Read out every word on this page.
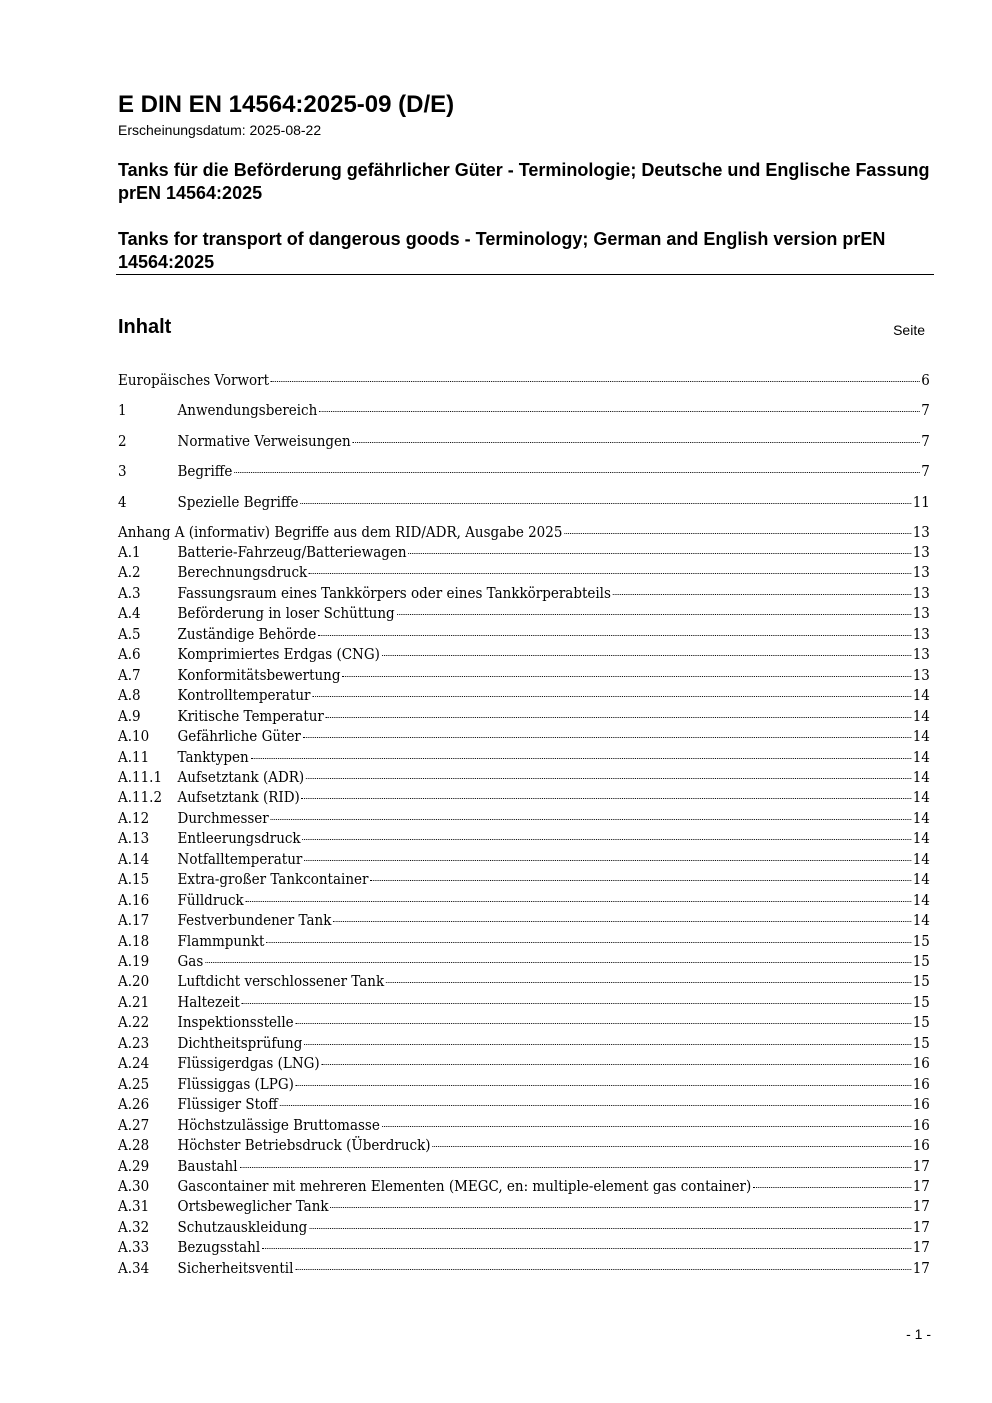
E DIN EN 14564:2025-09 (D/E)
Erscheinungsdatum: 2025-08-22
Tanks für die Beförderung gefährlicher Güter - Terminologie; Deutsche und Englische Fassung prEN 14564:2025
Tanks for transport of dangerous goods - Terminology; German and English version prEN 14564:2025
Inhalt	Seite
Europäisches Vorwort	6
1	Anwendungsbereich	7
2	Normative Verweisungen	7
3	Begriffe	7
4	Spezielle Begriffe	11
Anhang A (informativ) Begriffe aus dem RID/ADR, Ausgabe 2025	13
A.1	Batterie-Fahrzeug/Batteriewagen	13
A.2	Berechnungsdruck	13
A.3	Fassungsraum eines Tankkörpers oder eines Tankkörperabteils	13
A.4	Beförderung in loser Schüttung	13
A.5	Zuständige Behörde	13
A.6	Komprimiertes Erdgas (CNG)	13
A.7	Konformitätsbewertung	13
A.8	Kontrolltemperatur	14
A.9	Kritische Temperatur	14
A.10	Gefährliche Güter	14
A.11	Tanktypen	14
A.11.1	Aufsetztank (ADR)	14
A.11.2	Aufsetztank (RID)	14
A.12	Durchmesser	14
A.13	Entleerungsdruck	14
A.14	Notfalltemperatur	14
A.15	Extra-großer Tankcontainer	14
A.16	Fülldruck	14
A.17	Festverbundener Tank	14
A.18	Flammpunkt	15
A.19	Gas	15
A.20	Luftdicht verschlossener Tank	15
A.21	Haltezeit	15
A.22	Inspektionsstelle	15
A.23	Dichtheitsprüfung	15
A.24	Flüssigerdgas (LNG)	16
A.25	Flüssiggas (LPG)	16
A.26	Flüssiger Stoff	16
A.27	Höchstzulässige Bruttomasse	16
A.28	Höchster Betriebsdruck (Überdruck)	16
A.29	Baustahl	17
A.30	Gascontainer mit mehreren Elementen (MEGC, en: multiple-element gas container)	17
A.31	Ortsbeweglicher Tank	17
A.32	Schutzauskleidung	17
A.33	Bezugsstahl	17
A.34	Sicherheitsventil	17
- 1 -
